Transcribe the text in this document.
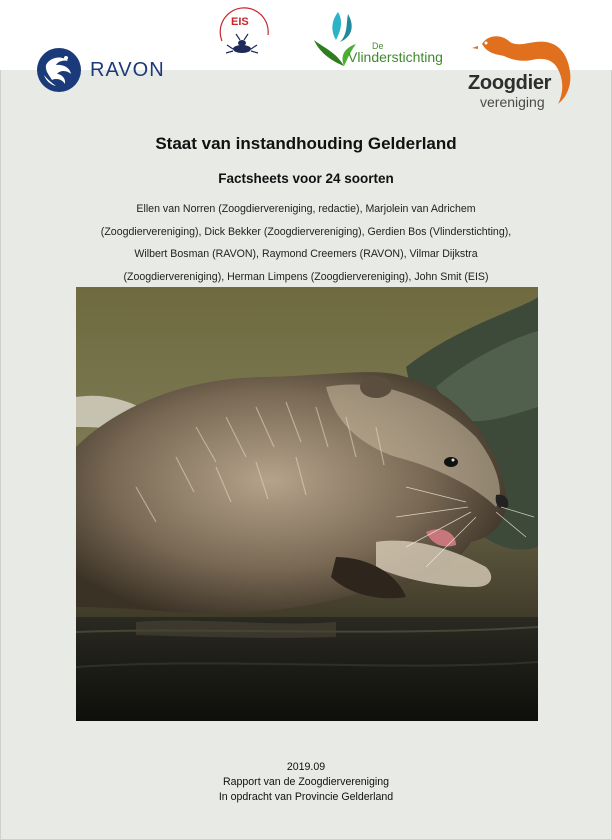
RAVON
EIS
De
Vlinderstichting
Zoogdier
vereniging
Staat van instandhouding Gelderland
Factsheets voor 24 soorten
Ellen van Norren (Zoogdiervereniging, redactie), Marjolein van Adrichem
(Zoogdiervereniging), Dick Bekker (Zoogdiervereniging), Gerdien Bos (Vlinderstichting),
Wilbert Bosman (RAVON), Raymond Creemers (RAVON), Vilmar Dijkstra
(Zoogdiervereniging), Herman Limpens (Zoogdiervereniging), John Smit (EIS)
2019.09
Rapport van de Zoogdiervereniging
In opdracht van Provincie Gelderland
